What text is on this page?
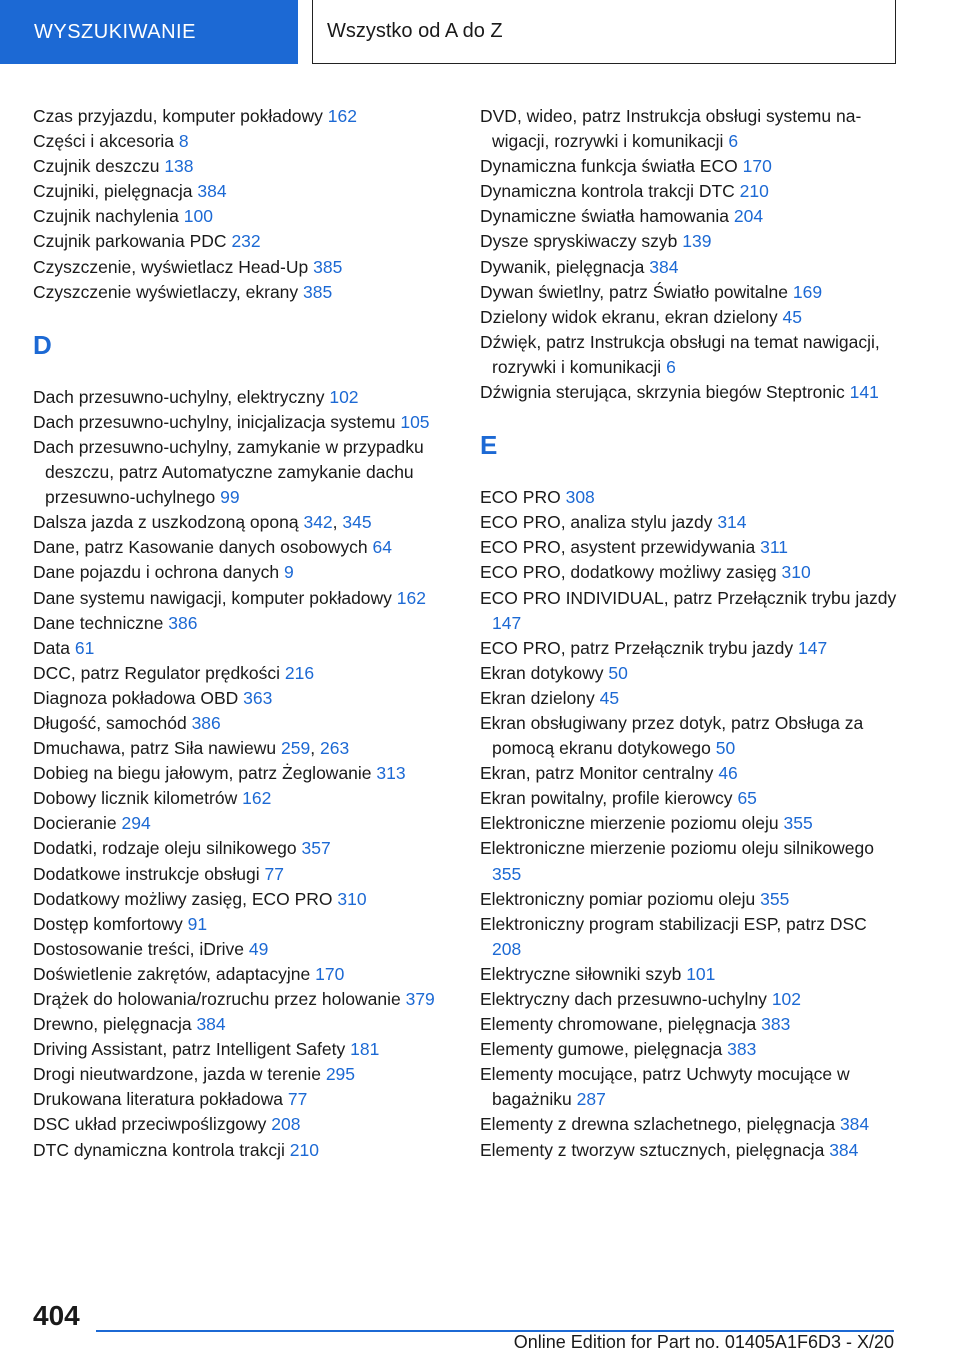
WYSZUKIWANIE	Wszystko od A do Z
Czas przyjazdu, komputer pokładowy 162
Części i akcesoria 8
Czujnik deszczu 138
Czujniki, pielęgnacja 384
Czujnik nachylenia 100
Czujnik parkowania PDC 232
Czyszczenie, wyświetlacz Head-Up 385
Czyszczenie wyświetlaczy, ekrany 385
D
Dach przesuwno-uchylny, elektryczny 102
Dach przesuwno-uchylny, inicjalizacja systemu 105
Dach przesuwno-uchylny, zamykanie w przypadku deszczu, patrz Automatyczne zamykanie dachu przesuwno-uchylnego 99
Dalsza jazda z uszkodzoną oponą 342, 345
Dane, patrz Kasowanie danych osobowych 64
Dane pojazdu i ochrona danych 9
Dane systemu nawigacji, komputer pokładowy 162
Dane techniczne 386
Data 61
DCC, patrz Regulator prędkości 216
Diagnoza pokładowa OBD 363
Długość, samochód 386
Dmuchawa, patrz Siła nawiewu 259, 263
Dobieg na biegu jałowym, patrz Żeglowanie 313
Dobowy licznik kilometrów 162
Docieranie 294
Dodatki, rodzaje oleju silnikowego 357
Dodatkowe instrukcje obsługi 77
Dodatkowy możliwy zasięg, ECO PRO 310
Dostęp komfortowy 91
Dostosowanie treści, iDrive 49
Doświetlenie zakrętów, adaptacyjne 170
Drążek do holowania/rozruchu przez holowanie 379
Drewno, pielęgnacja 384
Driving Assistant, patrz Intelligent Safety 181
Drogi nieutwardzone, jazda w terenie 295
Drukowana literatura pokładowa 77
DSC układ przeciwpoślizgowy 208
DTC dynamiczna kontrola trakcji 210
DVD, wideo, patrz Instrukcja obsługi systemu nawigacji, rozrywki i komunikacji 6
Dynamiczna funkcja światła ECO 170
Dynamiczna kontrola trakcji DTC 210
Dynamiczne światła hamowania 204
Dysze spryskiwaczy szyb 139
Dywanik, pielęgnacja 384
Dywan świetlny, patrz Światło powitalne 169
Dzielony widok ekranu, ekran dzielony 45
Dźwięk, patrz Instrukcja obsługi na temat nawigacji, rozrywki i komunikacji 6
Dźwignia sterująca, skrzynia biegów Steptronic 141
E
ECO PRO 308
ECO PRO, analiza stylu jazdy 314
ECO PRO, asystent przewidywania 311
ECO PRO, dodatkowy możliwy zasięg 310
ECO PRO INDIVIDUAL, patrz Przełącznik trybu jazdy 147
ECO PRO, patrz Przełącznik trybu jazdy 147
Ekran dotykowy 50
Ekran dzielony 45
Ekran obsługiwany przez dotyk, patrz Obsługa za pomocą ekranu dotykowego 50
Ekran, patrz Monitor centralny 46
Ekran powitalny, profile kierowcy 65
Elektroniczne mierzenie poziomu oleju 355
Elektroniczne mierzenie poziomu oleju silnikowego 355
Elektroniczny pomiar poziomu oleju 355
Elektroniczny program stabilizacji ESP, patrz DSC 208
Elektryczne siłowniki szyb 101
Elektryczny dach przesuwno-uchylny 102
Elementy chromowane, pielęgnacja 383
Elementy gumowe, pielęgnacja 383
Elementy mocujące, patrz Uchwyty mocujące w bagażniku 287
Elementy z drewna szlachetnego, pielęgnacja 384
Elementy z tworzyw sztucznych, pielęgnacja 384
404
Online Edition for Part no. 01405A1F6D3 - X/20
